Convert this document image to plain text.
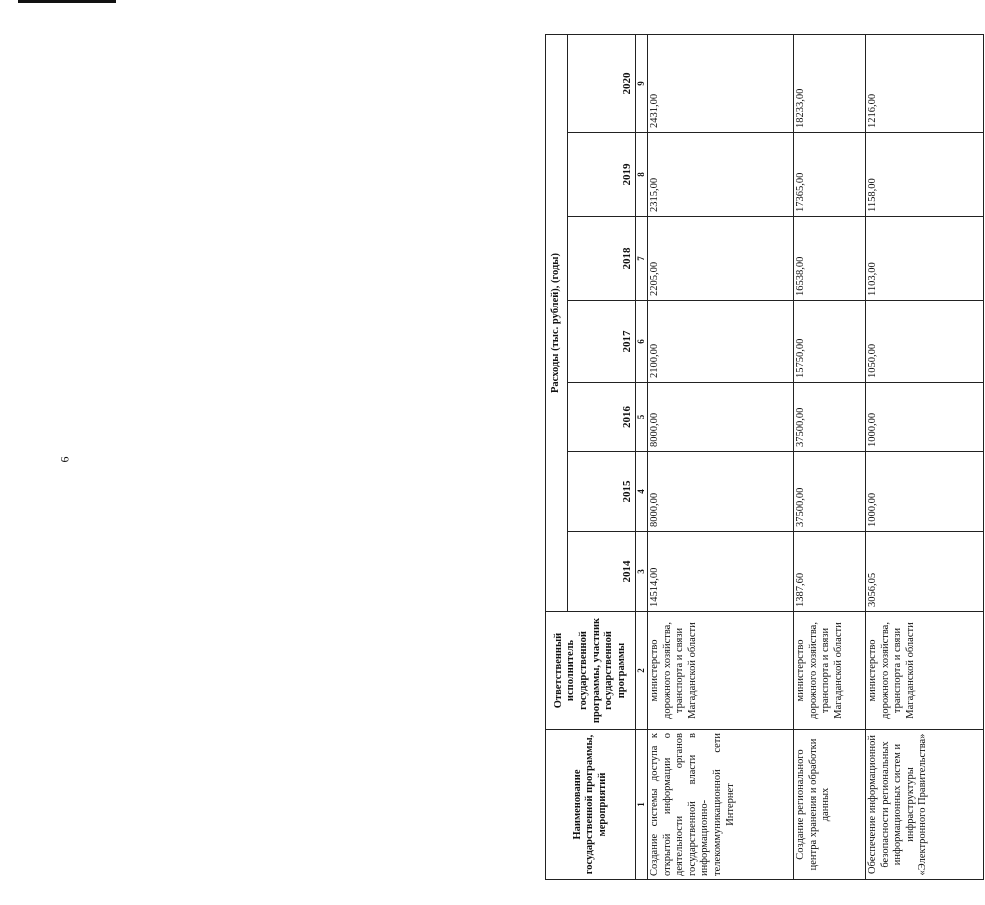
6
Наименование государственной программы, мероприятий	Ответственный исполнитель государственной программы, участник государственной программы	Расходы (тыс. рублей), (годы)						
		2014	2015	2016	2017	2018	2019	2020
1	2	3	4	5	6	7	8	9
Создание системы доступа к открытой информации о деятельности органов государственной власти в информационно-телекоммуникационной сети Интернет	министерство дорожного хозяйства, транспорта и связи Магаданской области	14514,00	8000,00	8000,00	2100,00	2205,00	2315,00	2431,00
Создание регионального центра хранения и обработки данных	министерство дорожного хозяйства, транспорта и связи Магаданской области	1387,60	37500,00	37500,00	15750,00	16538,00	17365,00	18233,00
Обеспечение информационной безопасности региональных информационных систем и инфраструктуры «Электронного Правительства»	министерство дорожного хозяйства, транспорта и связи Магаданской области	3056,05	1000,00	1000,00	1050,00	1103,00	1158,00	1216,00
